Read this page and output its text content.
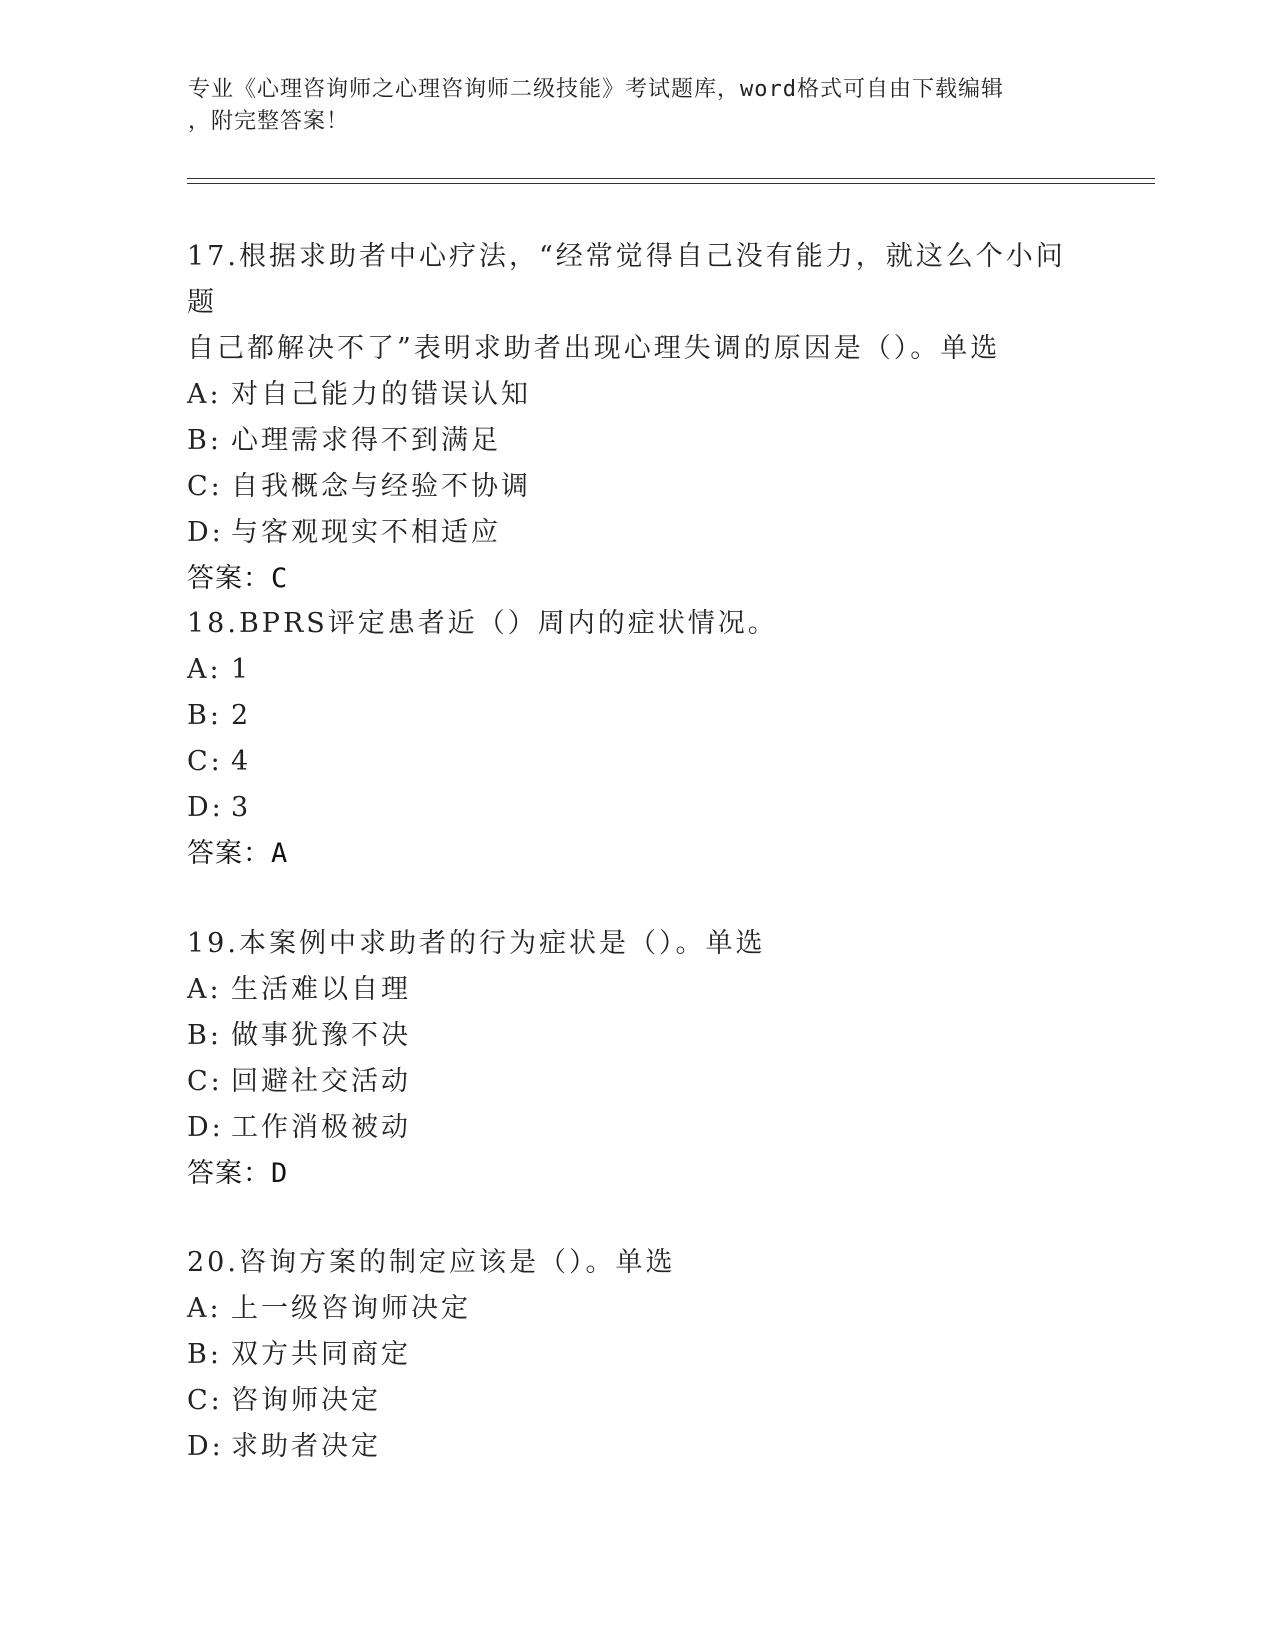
专业《心理咨询师之心理咨询师二级技能》考试题库，word格式可自由下载编辑

，附完整答案！
17.根据求助者中心疗法，“经常觉得自己没有能力，就这么个小问题
自己都解决不了”表明求助者出现心理失调的原因是（）。单选
A: 对自己能力的错误认知
B: 心理需求得不到满足
C: 自我概念与经验不协调
D: 与客观现实不相适应
答案：C
18.BPRS评定患者近（）周内的症状情况。
A: 1
B: 2
C: 4
D: 3
答案：A
19.本案例中求助者的行为症状是（）。单选
A: 生活难以自理
B: 做事犹豫不决
C: 回避社交活动
D: 工作消极被动
答案：D
20.咨询方案的制定应该是（）。单选
A: 上一级咨询师决定
B: 双方共同商定
C: 咨询师决定
D: 求助者决定
